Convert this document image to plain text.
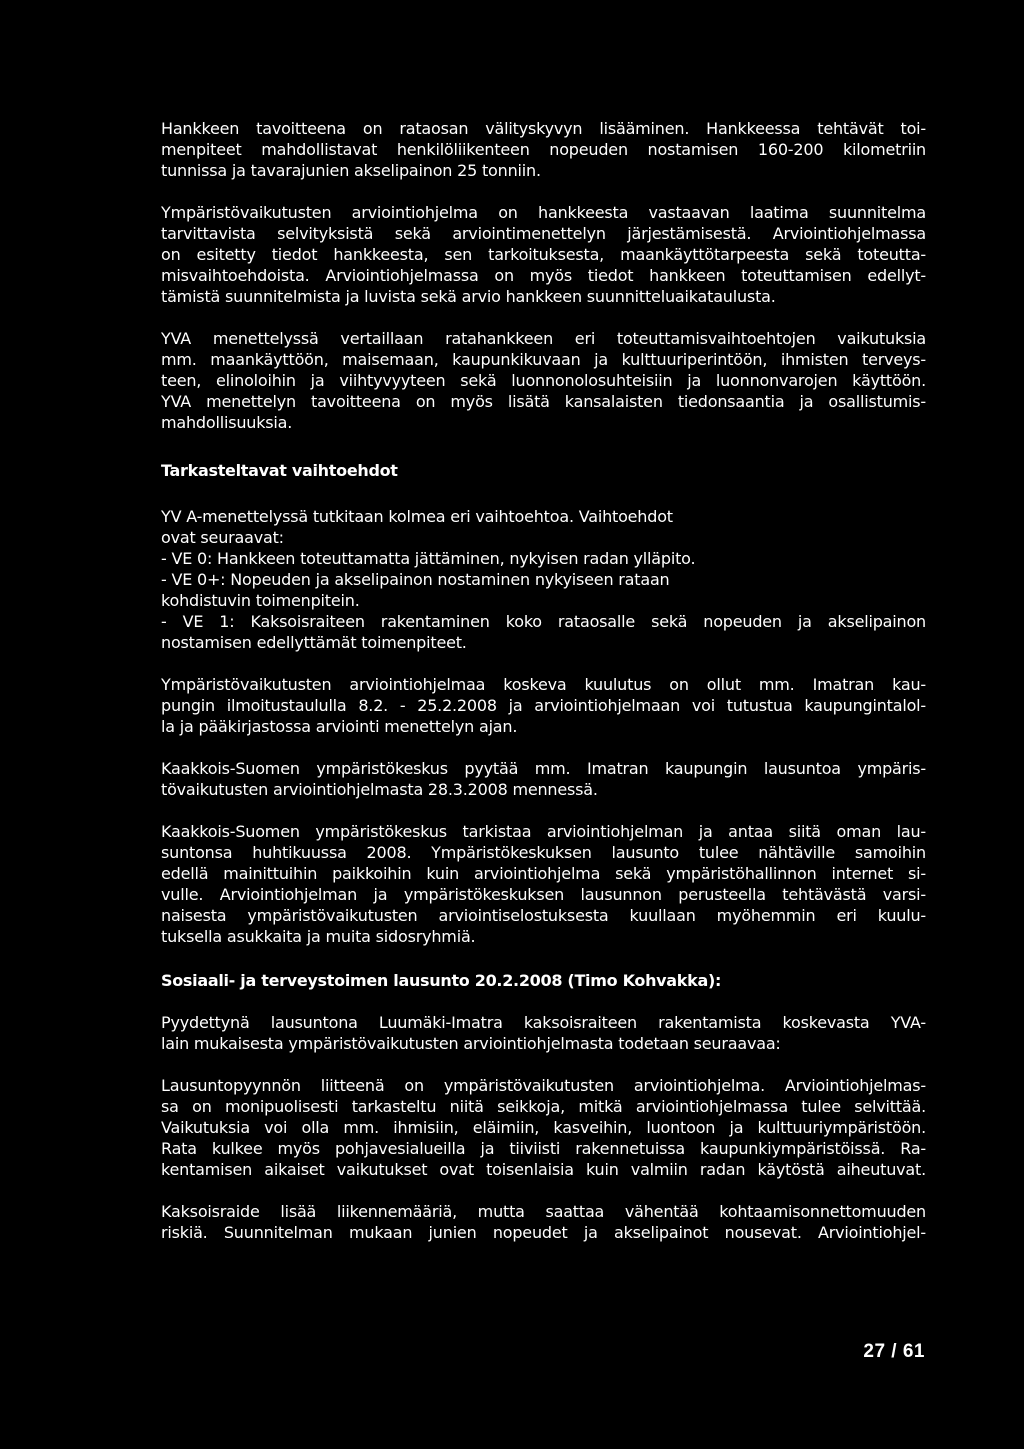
Hankkeen tavoitteena on rataosan välityskyvyn lisääminen. Hankkeessa tehtävät toi-
menpiteet mahdollistavat henkilöliikenteen nopeuden nostamisen 160-200 kilometriin
tunnissa ja tavarajunien akselipainon 25 tonniin.
Ympäristövaikutusten arviointiohjelma on hankkeesta vastaavan laatima suunnitelma
tarvittavista selvityksistä sekä arviointimenettelyn järjestämisestä. Arviointiohjelmassa
on esitetty tiedot hankkeesta, sen tarkoituksesta, maankäyttötarpeesta sekä toteutta-
misvaihtoehdoista. Arviointiohjelmassa on myös tiedot hankkeen toteuttamisen edellyt-
tämistä suunnitelmista ja luvista sekä arvio hankkeen suunnitteluaikataulusta.
YVA menettelyssä vertaillaan ratahankkeen eri toteuttamisvaihtoehtojen vaikutuksia
mm. maankäyttöön, maisemaan, kaupunkikuvaan ja kulttuuriperintöön, ihmisten terveys-
teen, elinoloihin ja viihtyvyyteen sekä luonnonolosuhteisiin ja luonnonvarojen käyttöön.
YVA menettelyn tavoitteena on myös lisätä kansalaisten tiedonsaantia ja osallistumis-
mahdollisuuksia.
Tarkasteltavat vaihtoehdot
YV A-menettelyssä tutkitaan kolmea eri vaihtoehtoa. Vaihtoehdot
ovat seuraavat:
- VE 0: Hankkeen toteuttamatta jättäminen, nykyisen radan ylläpito.
- VE 0+: Nopeuden ja akselipainon nostaminen nykyiseen rataan
kohdistuvin toimenpitein.
- VE 1: Kaksoisraiteen rakentaminen koko rataosalle sekä nopeuden ja akselipainon
nostamisen edellyttämät toimenpiteet.
Ympäristövaikutusten arviointiohjelmaa koskeva kuulutus on ollut mm. Imatran kau-
pungin ilmoitustaululla 8.2. - 25.2.2008 ja arviointiohjelmaan voi tutustua kaupungintalol-
la ja pääkirjastossa arviointi menettelyn ajan.
Kaakkois-Suomen ympäristökeskus pyytää mm. Imatran kaupungin lausuntoa ympäris-
tövaikutusten arviointiohjelmasta 28.3.2008 mennessä.
Kaakkois-Suomen ympäristökeskus tarkistaa arviointiohjelman ja antaa siitä oman lau-
suntonsa huhtikuussa 2008. Ympäristökeskuksen lausunto tulee nähtäville samoihin
edellä mainittuihin paikkoihin kuin arviointiohjelma sekä ympäristöhallinnon internet si-
vulle. Arviointiohjelman ja ympäristökeskuksen lausunnon perusteella tehtävästä varsi-
naisesta ympäristövaikutusten arviointiselostuksesta kuullaan myöhemmin eri kuulu-
tuksella asukkaita ja muita sidosryhmiä.
Sosiaali- ja terveystoimen lausunto 20.2.2008 (Timo Kohvakka):
Pyydettynä lausuntona Luumäki-Imatra kaksoisraiteen rakentamista koskevasta YVA-
lain mukaisesta ympäristövaikutusten arviointiohjelmasta todetaan seuraavaa:
Lausuntopyynnön liitteenä on ympäristövaikutusten arviointiohjelma. Arviointiohjelmas-
sa on monipuolisesti tarkasteltu niitä seikkoja, mitkä arviointiohjelmassa tulee selvittää.
Vaikutuksia voi olla mm. ihmisiin, eläimiin, kasveihin, luontoon ja kulttuuriympäristöön.
Rata kulkee myös pohjavesialueilla ja tiiviisti rakennetuissa kaupunkiympäristöissä. Ra-
kentamisen aikaiset vaikutukset ovat toisenlaisia kuin valmiin radan käytöstä aiheutuvat.
Kaksoisraide lisää liikennemääriä, mutta saattaa vähentää kohtaamisonnettomuuden
riskiä. Suunnitelman mukaan junien nopeudet ja akselipainot nousevat. Arviointiohjel-
27 / 61
